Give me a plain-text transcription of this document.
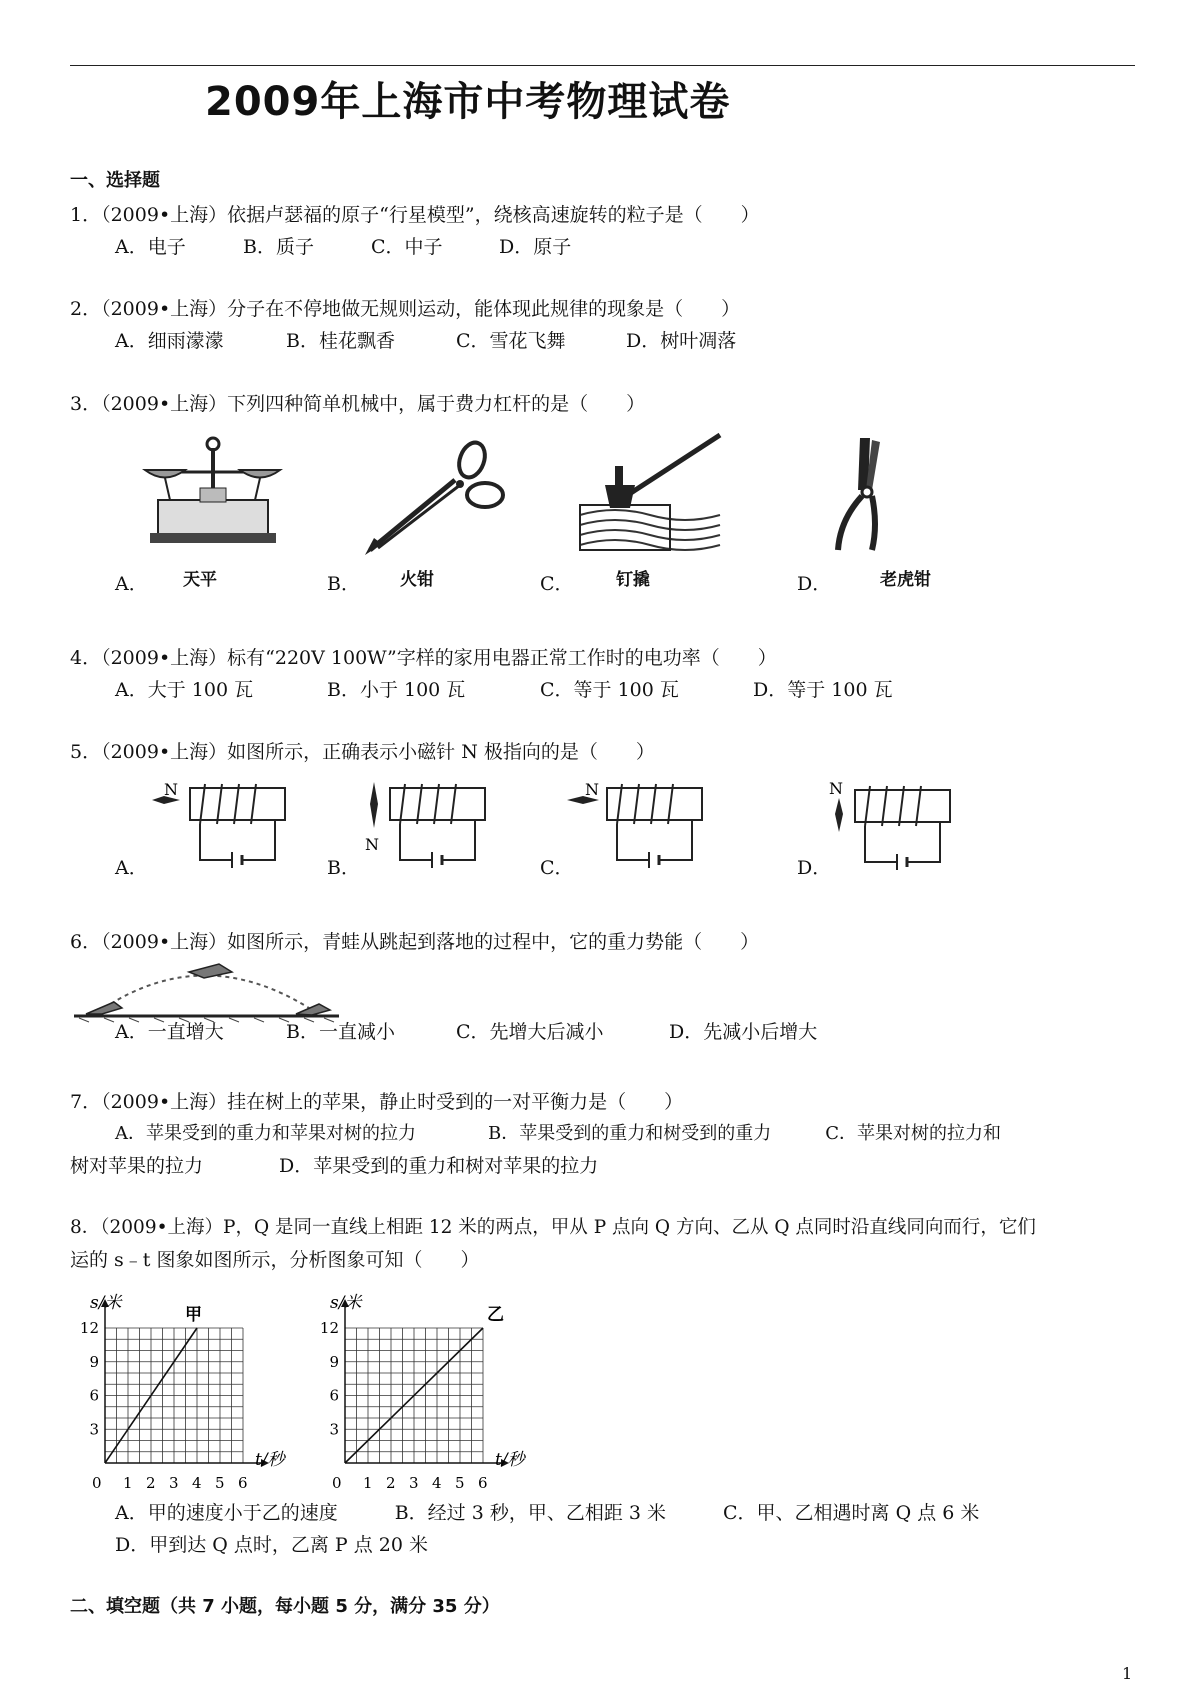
2009年上海市中考物理试卷
一、选择题
1．（2009•上海）依据卢瑟福的原子“行星模型”，绕核高速旋转的粒子是（　　）
A．电子	B．质子	C．中子	D．原子
2．（2009•上海）分子在不停地做无规则运动，能体现此规律的现象是（　　）
A．细雨濛濛	B．桂花飘香	C．雪花飞舞	D．树叶凋落
3．（2009•上海）下列四种简单机械中，属于费力杠杆的是（　　）
A． 天平	B． 火钳	C． 钉撬	D．	老虎钳
4．（2009•上海）标有“220V 100W”字样的家用电器正常工作时的电功率（　　）
A．大于 100 瓦	B．小于 100 瓦	C．等于 100 瓦	D．等于 100 瓦
5．（2009•上海）如图所示，正确表示小磁针 N 极指向的是（　　）
N
N
N	N
A．	B．	C．	D．
6．（2009•上海）如图所示，青蛙从跳起到落地的过程中，它的重力势能（　　）
A．一直增大	B．一直减小	C．先增大后减小	D．先减小后增大
7．（2009•上海）挂在树上的苹果，静止时受到的一对平衡力是（　　）
A．苹果受到的重力和苹果对树的拉力　　　　B．苹果受到的重力和树受到的重力　　　C．苹果对树的拉力和
树对苹果的拉力　　　　D．苹果受到的重力和树对苹果的拉力
8．（2009•上海）P，Q 是同一直线上相距 12 米的两点，甲从 P 点向 Q 方向、乙从 Q 点同时沿直线同向而行，它们
运的 s﹣t 图象如图所示，分析图象可知（　　）
s/米
t/秒
0 1 2 3 4 5 6
3
6
9
12
甲
s/米
t/秒
0 1 2 3 4 5 6
3
6
9
12
乙
A．甲的速度小于乙的速度　　　B．经过 3 秒，甲、乙相距 3 米　　　C．甲、乙相遇时离 Q 点 6 米
D．甲到达 Q 点时，乙离 P 点 20 米
二、填空题（共 7 小题，每小题 5 分，满分 35 分）
1
